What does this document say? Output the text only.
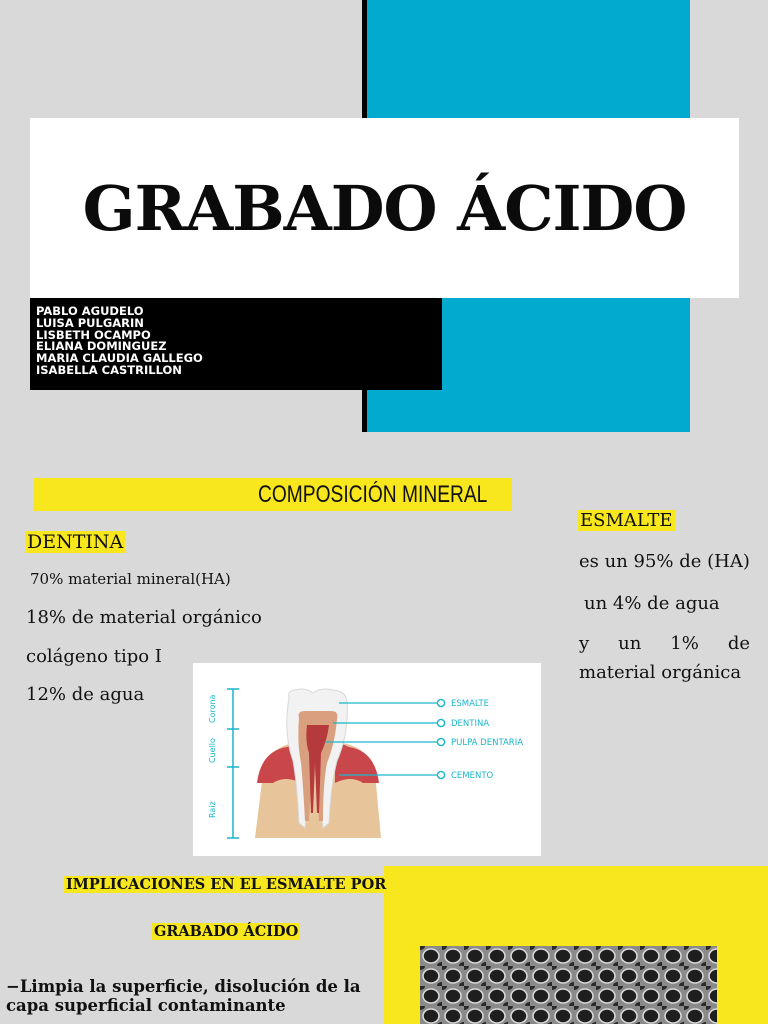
GRABADO ÁCIDO
PABLO AGUDELO
LUISA PULGARIN
LISBETH OCAMPO
ELIANA DOMINGUEZ
MARIA CLAUDIA GALLEGO
ISABELLA CASTRILLON
COMPOSICIÓN MINERAL
DENTINA
70% material mineral(HA)
18% de material orgánico
colágeno tipo I
12% de agua
ESMALTE
es un 95% de (HA)
un 4% de agua
y un 1% de
material orgánica
Corona
Cuello
Raíz
ESMALTE
DENTINA
PULPA DENTARIA
CEMENTO
IMPLICACIONES EN EL ESMALTE POR
GRABADO ÁCIDO
−Limpia la superficie, disolución de la capa superficial contaminante
